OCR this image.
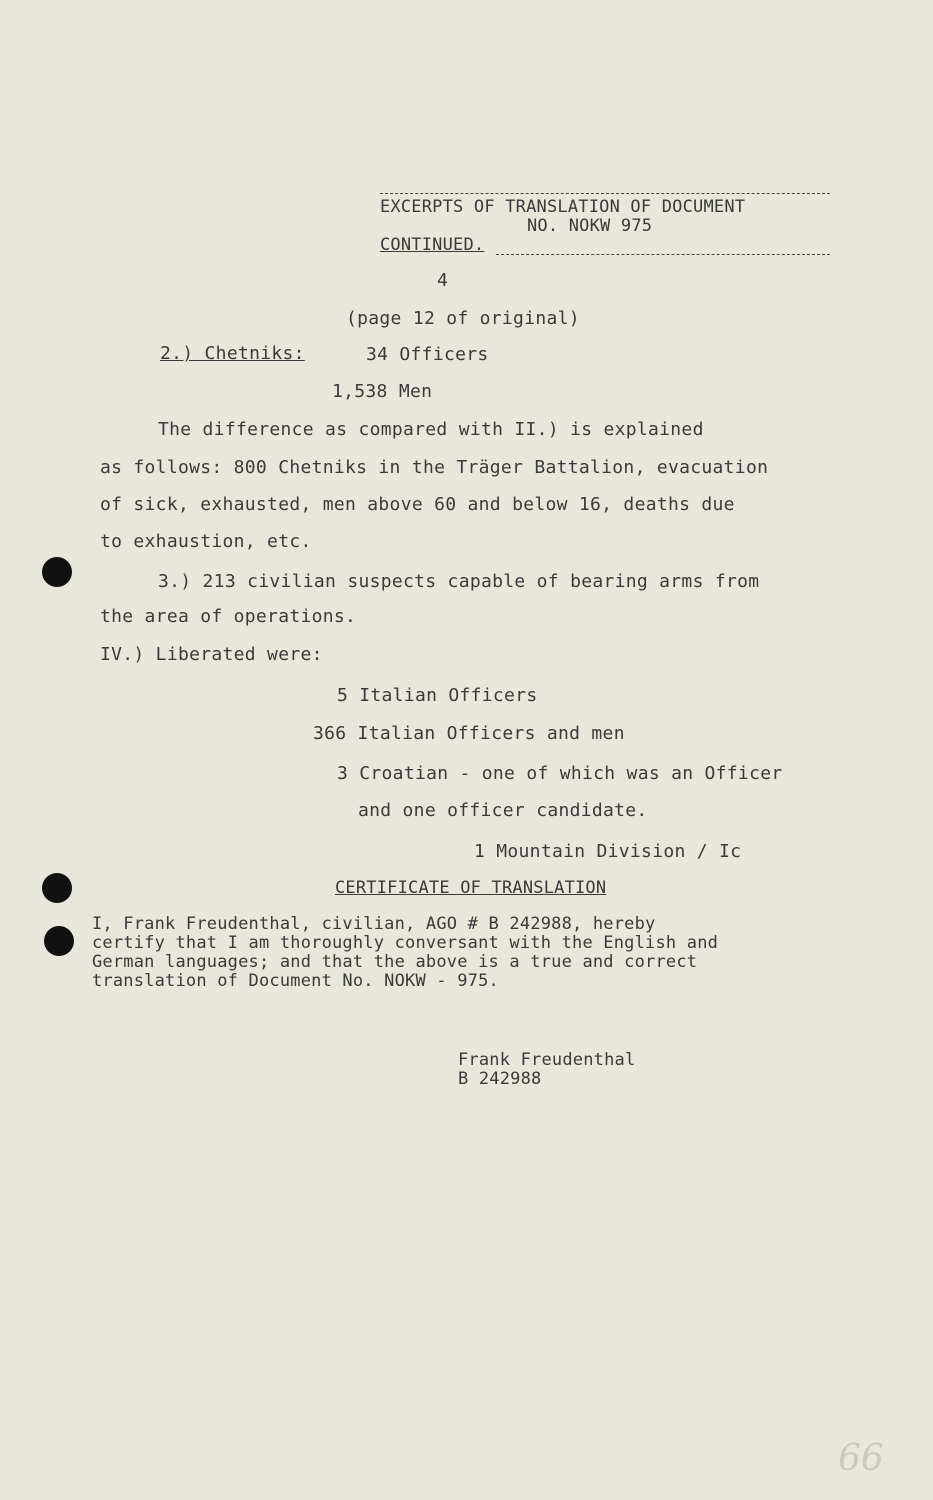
EXCERPTS OF TRANSLATION OF DOCUMENT
NO. NOKW 975
CONTINUED.
4
(page 12 of original)
2.) Chetniks:	34 Officers
1,538 Men
The difference as compared with II.) is explained
as follows: 800 Chetniks in the Träger Battalion, evacuation
of sick, exhausted, men above 60 and below 16, deaths due
to exhaustion, etc.
3.) 213 civilian suspects capable of bearing arms from
the area of operations.
IV.) Liberated were:
5 Italian Officers
366 Italian Officers and men
3 Croatian - one of which was an Officer
and one officer candidate.
1 Mountain Division / Ic
CERTIFICATE OF TRANSLATION
I, Frank Freudenthal, civilian, AGO # B 242988, hereby
certify that I am thoroughly conversant with the English and
German languages; and that the above is a true and correct
translation of Document No. NOKW - 975.
Frank Freudenthal
B 242988
66
